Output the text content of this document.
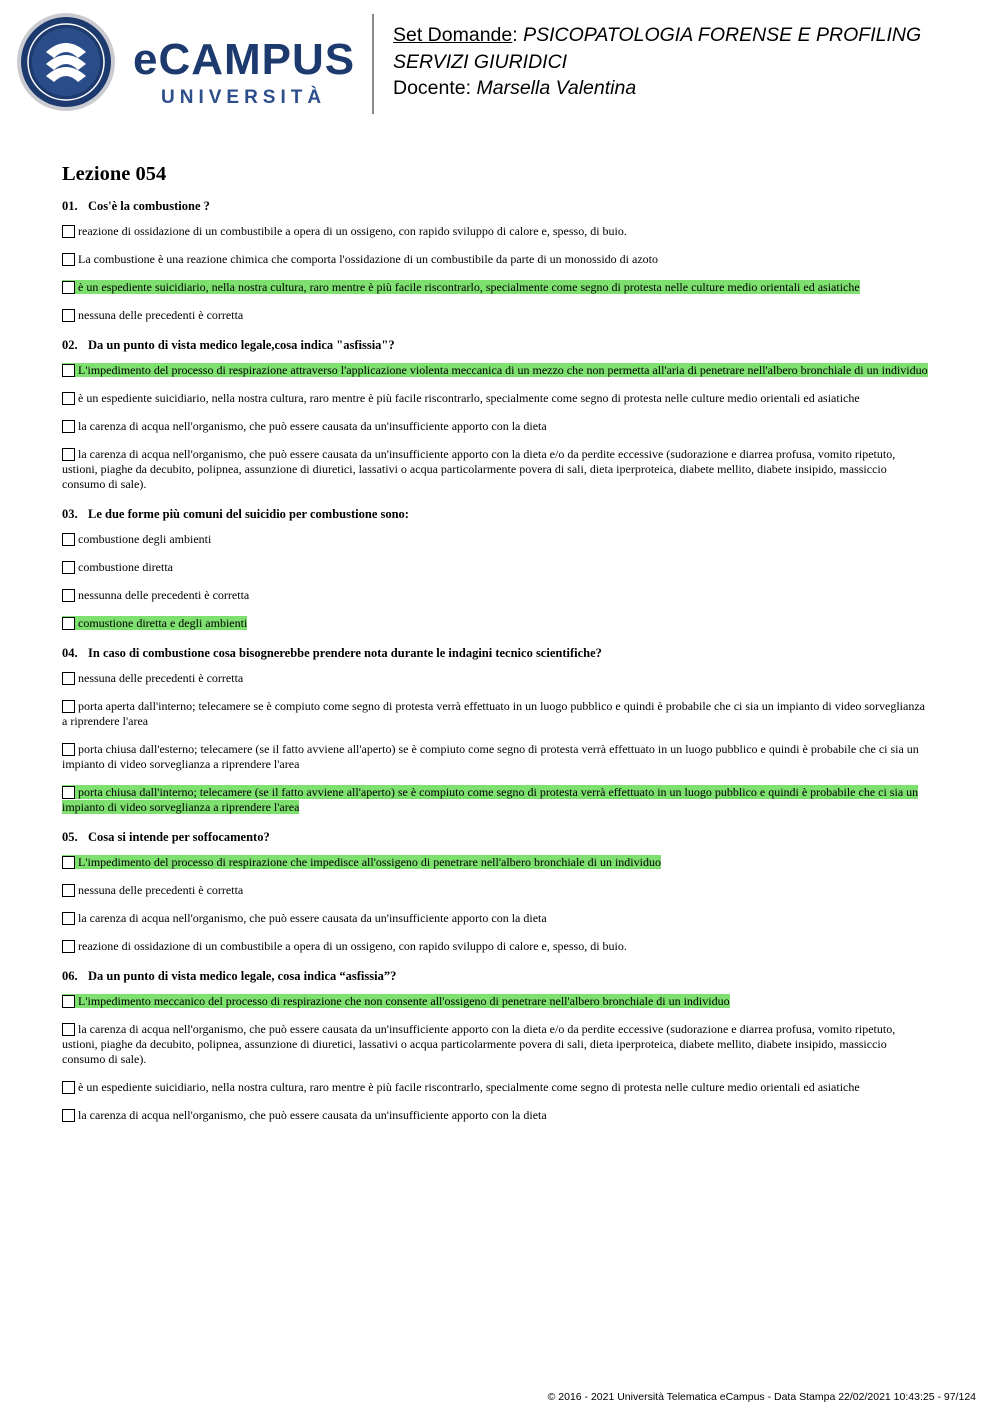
eCAMPUS
UNIVERSITÀ
Set Domande: PSICOPATOLOGIA FORENSE E PROFILING SERVIZI GIURIDICI
Docente: Marsella Valentina
Lezione 054
01. Cos'è la combustione ?
reazione di ossidazione di un combustibile a opera di un ossigeno, con rapido sviluppo di calore e, spesso, di buio.
La combustione è una reazione chimica che comporta l'ossidazione di un combustibile da parte di un monossido di azoto
è un espediente suicidiario, nella nostra cultura, raro mentre è più facile riscontrarlo, specialmente come segno di protesta nelle culture medio orientali ed asiatiche
nessuna delle precedenti è corretta
02. Da un punto di vista medico legale,cosa indica "asfissia"?
L'impedimento del processo di respirazione attraverso l'applicazione violenta meccanica di un mezzo che non permetta all'aria di penetrare nell'albero bronchiale di un individuo
è un espediente suicidiario, nella nostra cultura, raro mentre è più facile riscontrarlo, specialmente come segno di protesta nelle culture medio orientali ed asiatiche
la carenza di acqua nell'organismo, che può essere causata da un'insufficiente apporto con la dieta
la carenza di acqua nell'organismo, che può essere causata da un'insufficiente apporto con la dieta e/o da perdite eccessive (sudorazione e diarrea profusa, vomito ripetuto, ustioni, piaghe da decubito, polipnea, assunzione di diuretici, lassativi o acqua particolarmente povera di sali, dieta iperproteica, diabete mellito, diabete insipido, massiccio consumo di sale).
03. Le due forme più comuni del suicidio per combustione sono:
combustione degli ambienti
combustione diretta
nessunna delle precedenti è corretta
comustione diretta e degli ambienti
04. In caso di combustione cosa bisognerebbe prendere nota durante le indagini tecnico scientifiche?
nessuna delle precedenti è corretta
porta aperta dall'interno; telecamere se è compiuto come segno di protesta verrà effettuato in un luogo pubblico e quindi è probabile che ci sia un impianto di video sorveglianza a riprendere l'area
porta chiusa dall'esterno; telecamere (se il fatto avviene all'aperto) se è compiuto come segno di protesta verrà effettuato in un luogo pubblico e quindi è probabile che ci sia un impianto di video sorveglianza a riprendere l'area
porta chiusa dall'interno; telecamere (se il fatto avviene all'aperto) se è compiuto come segno di protesta verrà effettuato in un luogo pubblico e quindi è probabile che ci sia un impianto di video sorveglianza a riprendere l'area
05. Cosa si intende per soffocamento?
L'impedimento del processo di respirazione che impedisce all'ossigeno di penetrare nell'albero bronchiale di un individuo
nessuna delle precedenti è corretta
la carenza di acqua nell'organismo, che può essere causata da un'insufficiente apporto con la dieta
reazione di ossidazione di un combustibile a opera di un ossigeno, con rapido sviluppo di calore e, spesso, di buio.
06. Da un punto di vista medico legale, cosa indica “asfissia”?
L'impedimento meccanico del processo di respirazione che non consente all'ossigeno di penetrare nell'albero bronchiale di un individuo
la carenza di acqua nell'organismo, che può essere causata da un'insufficiente apporto con la dieta e/o da perdite eccessive (sudorazione e diarrea profusa, vomito ripetuto, ustioni, piaghe da decubito, polipnea, assunzione di diuretici, lassativi o acqua particolarmente povera di sali, dieta iperproteica, diabete mellito, diabete insipido, massiccio consumo di sale).
è un espediente suicidiario, nella nostra cultura, raro mentre è più facile riscontrarlo, specialmente come segno di protesta nelle culture medio orientali ed asiatiche
la carenza di acqua nell'organismo, che può essere causata da un'insufficiente apporto con la dieta
© 2016 - 2021 Università Telematica eCampus - Data Stampa 22/02/2021 10:43:25 - 97/124
